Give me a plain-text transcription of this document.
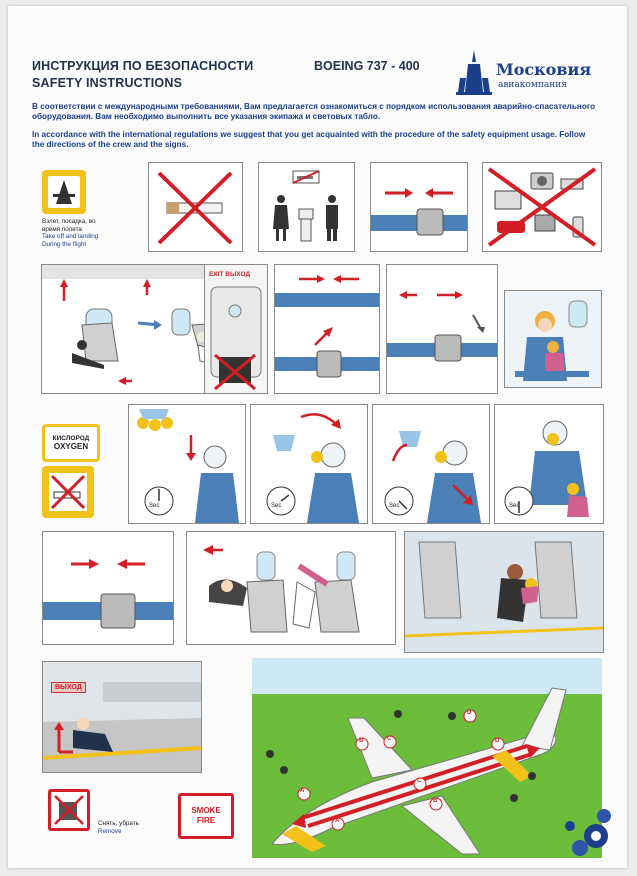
ИНСТРУКЦИЯ ПО БЕЗОПАСНОСТИ
SAFETY INSTRUCTIONS
BOEING 737 - 400	Московия
авиакомпания
В соответствии с международными требованиями, Вам предлагается ознакомиться с порядком использования аварийно-спасательного оборудования. Вам необходимо выполнить все указания экипажа и световых табло.
In accordance with the international regulations we suggest that you get acquainted with the procedure of the safety equipment usage. Follow the directions of the crew and the signs.
Взлет, посадка, во время полета
Take off and landing During the flight
EXIT ВЫХОД
КИСЛОРОД
OXYGEN
Sec	Sec	Sec	Sec
ВЫХОД
Снять, убрать
Remove
SMOKE
FIRE
A
B	C
D
A
B
C
D
